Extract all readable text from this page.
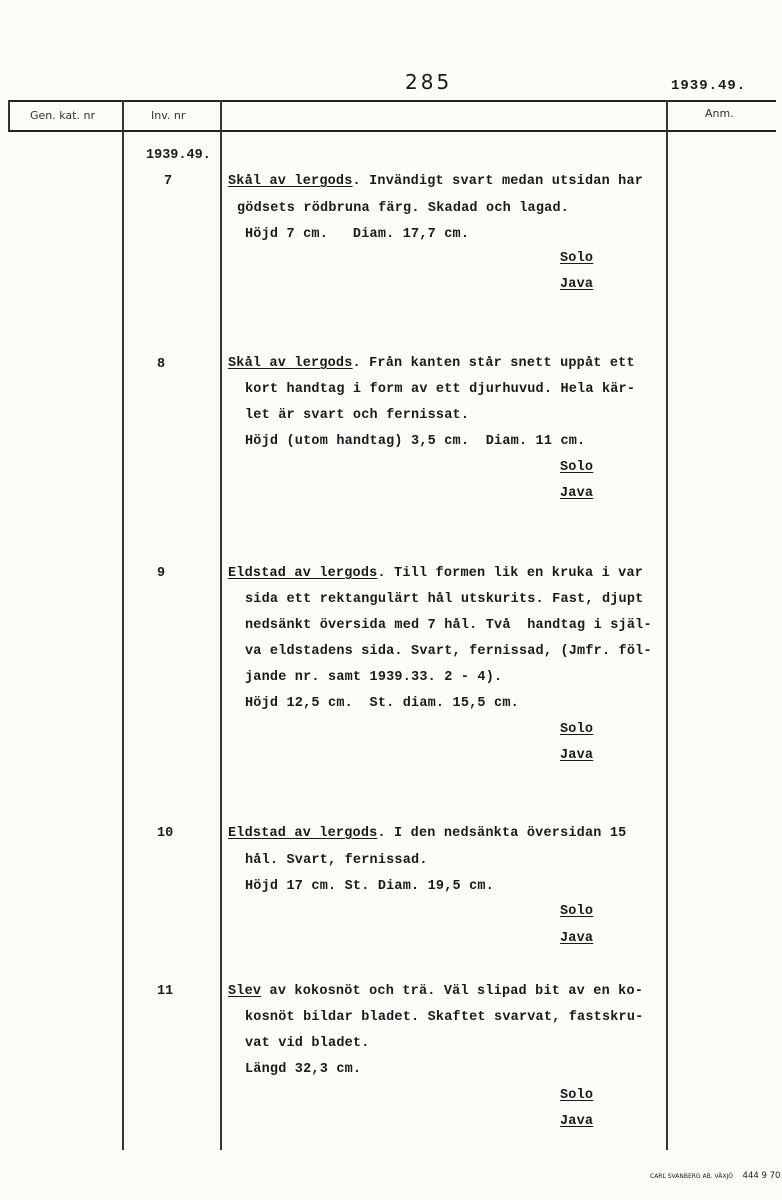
285	1939.49.
Gen. kat. nr	Inv. nr	Anm.
1939.49.
7	Skål av lergods. Invändigt svart medan utsidan har
gödsets rödbruna färg. Skadad och lagad.
Höjd 7 cm.   Diam. 17,7 cm.
Solo
Java
8	Skål av lergods. Från kanten står snett uppåt ett
kort handtag i form av ett djurhuvud. Hela kär-
let är svart och fernissat.
Höjd (utom handtag) 3,5 cm.  Diam. 11 cm.
Solo
Java
9	Eldstad av lergods. Till formen lik en kruka i var
sida ett rektangulärt hål utskurits. Fast, djupt
nedsänkt översida med 7 hål. Två  handtag i själ-
va eldstadens sida. Svart, fernissad, (Jmfr. föl-
jande nr. samt 1939.33. 2 - 4).
Höjd 12,5 cm.  St. diam. 15,5 cm.
Solo
Java
10	Eldstad av lergods. I den nedsänkta översidan 15
hål. Svart, fernissad.
Höjd 17 cm. St. Diam. 19,5 cm.
Solo
Java
11	Slev av kokosnöt och trä. Väl slipad bit av en ko-
kosnöt bildar bladet. Skaftet svarvat, fastskru-
vat vid bladet.
Längd 32,3 cm.
Solo
Java
CARL SVANBERG AB. VÄXJÖ 444 9 70
